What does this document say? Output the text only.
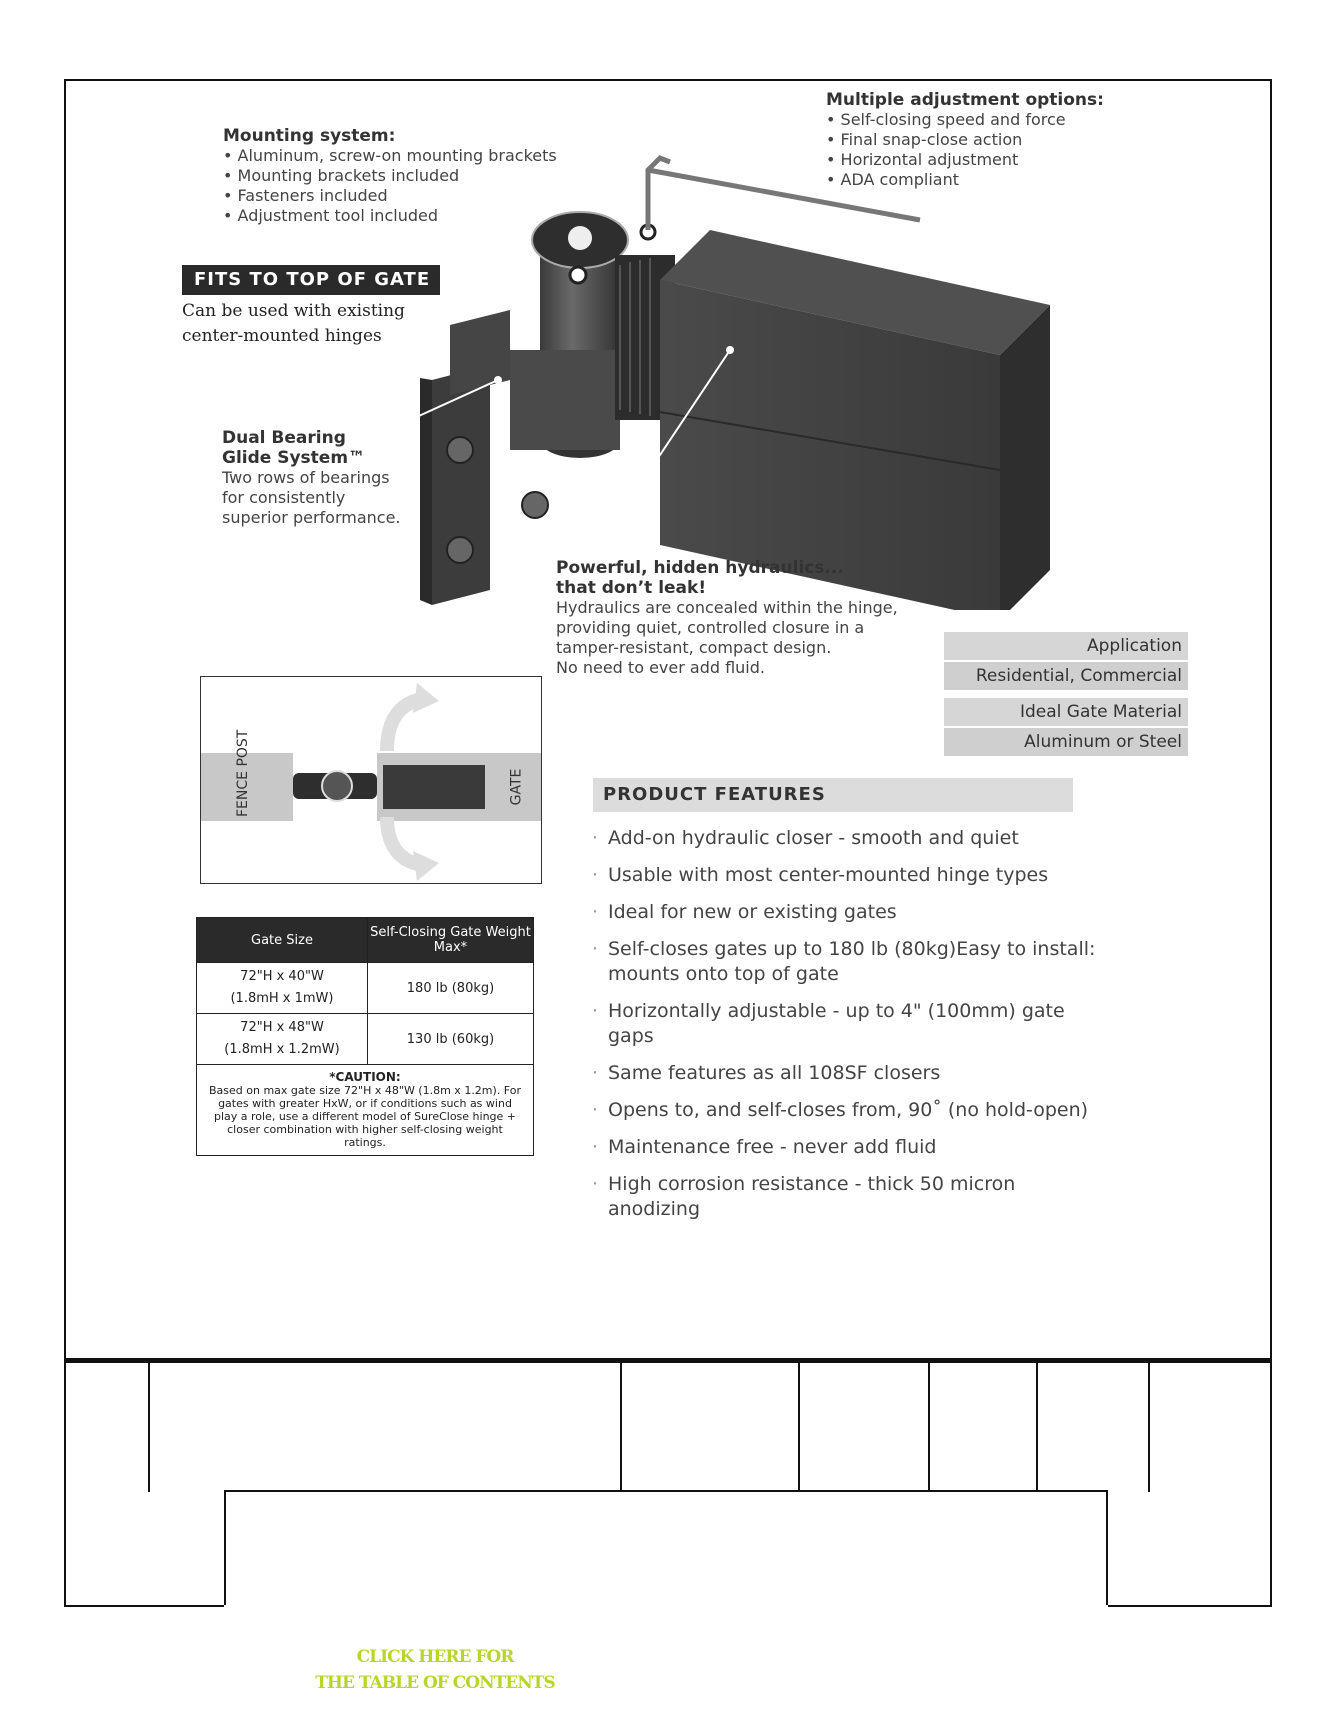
Mounting system:
• Aluminum, screw-on mounting brackets
• Mounting brackets included
• Fasteners included
• Adjustment tool included
Multiple adjustment options:
• Self-closing speed and force
• Final snap-close action
• Horizontal adjustment
• ADA compliant
FITS TO TOP OF GATE
Can be used with existing
center-mounted hinges
Dual Bearing
Glide System™
Two rows of bearings
for consistently
superior performance.
Powerful, hidden hydraulics...
that don’t leak!
Hydraulics are concealed within the hinge,
providing quiet, controlled closure in a
tamper-resistant, compact design.
No need to ever add fluid.
Application
Residential, Commercial
Ideal Gate Material
Aluminum or Steel
FENCE POST	GATE
Gate Size	Self-Closing Gate Weight Max*

72"H x 40"W
(1.8mH x 1mW)	180 lb (80kg)

72"H x 48"W
(1.8mH x 1.2mW)	130 lb (60kg)

*CAUTION:
Based on max gate size 72"H x 48"W (1.8m x 1.2m). For gates with greater HxW, or if conditions such as wind play a role, use a different model of SureClose hinge + closer combination with higher self-closing weight ratings.	
PRODUCT FEATURES
· Add-on hydraulic closer - smooth and quiet
· Usable with most center-mounted hinge types
· Ideal for new or existing gates
· Self-closes gates up to 180 lb (80kg)Easy to install: mounts onto top of gate
· Horizontally adjustable - up to 4" (100mm) gate gaps
· Same features as all 108SF closers
· Opens to, and self-closes from, 90˚ (no hold-open)
· Maintenance free - never add fluid
· High corrosion resistance - thick 50 micron anodizing
CLICK HERE FOR
THE TABLE OF CONTENTS
